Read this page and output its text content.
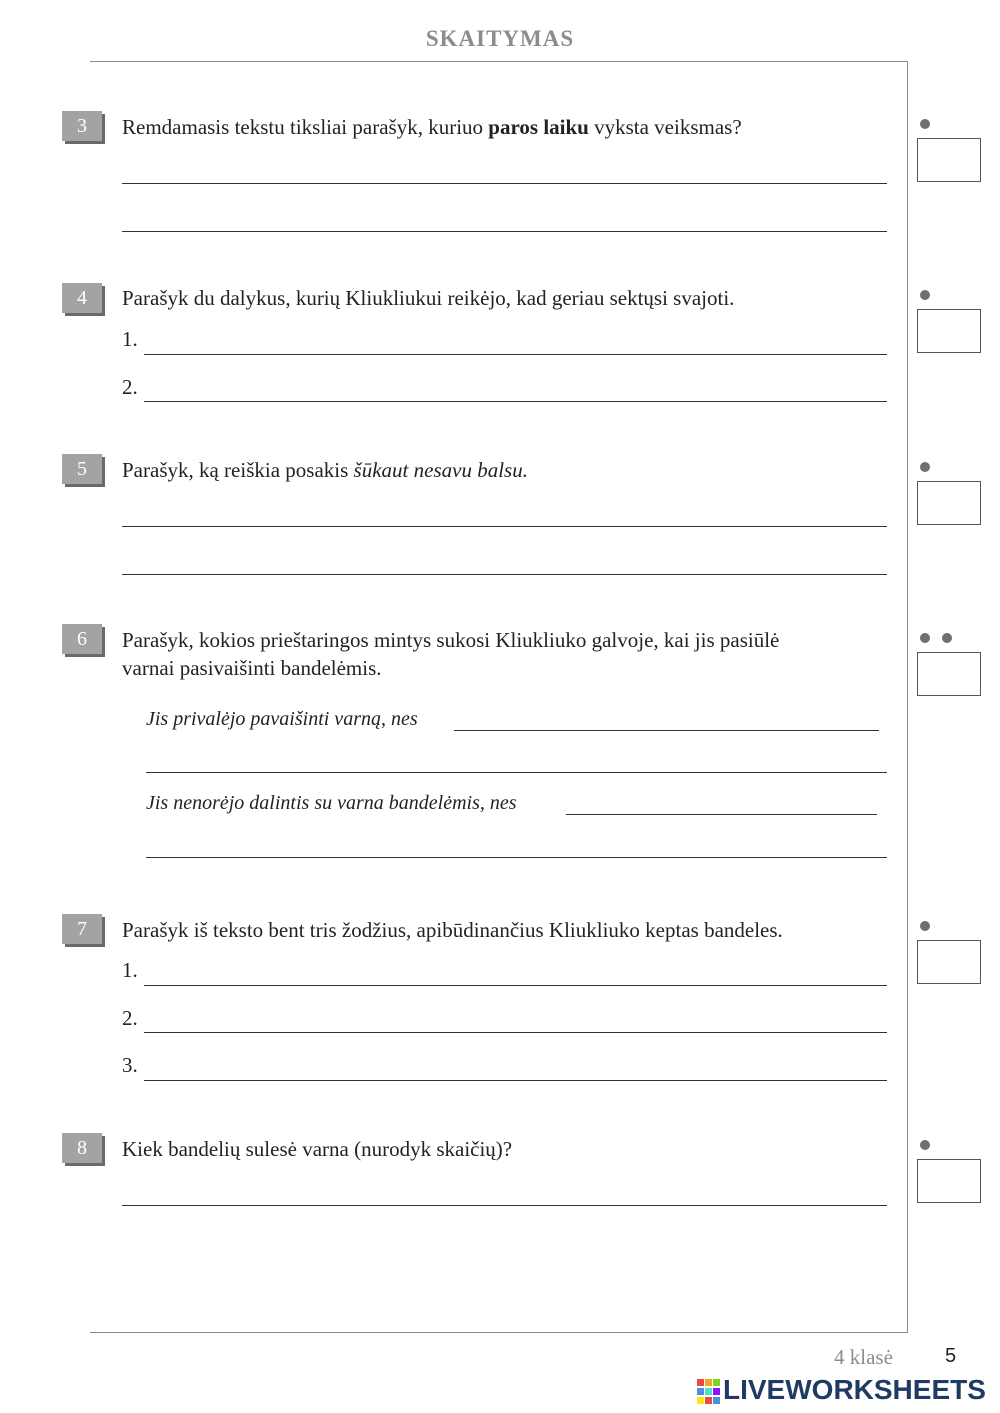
SKAITYMAS
3	Remdamasis tekstu tiksliai parašyk, kuriuo paros laiku vyksta veiksmas?
4	Parašyk du dalykus, kurių Kliukliukui reikėjo, kad geriau sektųsi svajoti.
1.
2.
5	Parašyk, ką reiškia posakis šūkaut nesavu balsu.
6	Parašyk, kokios prieštaringos mintys sukosi Kliukliuko galvoje, kai jis pasiūlė
varnai pasivaišinti bandelėmis.
Jis privalėjo pavaišinti varną, nes
Jis nenorėjo dalintis su varna bandelėmis, nes
7	Parašyk iš teksto bent tris žodžius, apibūdinančius Kliukliuko keptas bandeles.
1.
2.
3.
8	Kiek bandelių sulesė varna (nurodyk skaičių)?
4 klasė	5
LIVEWORKSHEETS
